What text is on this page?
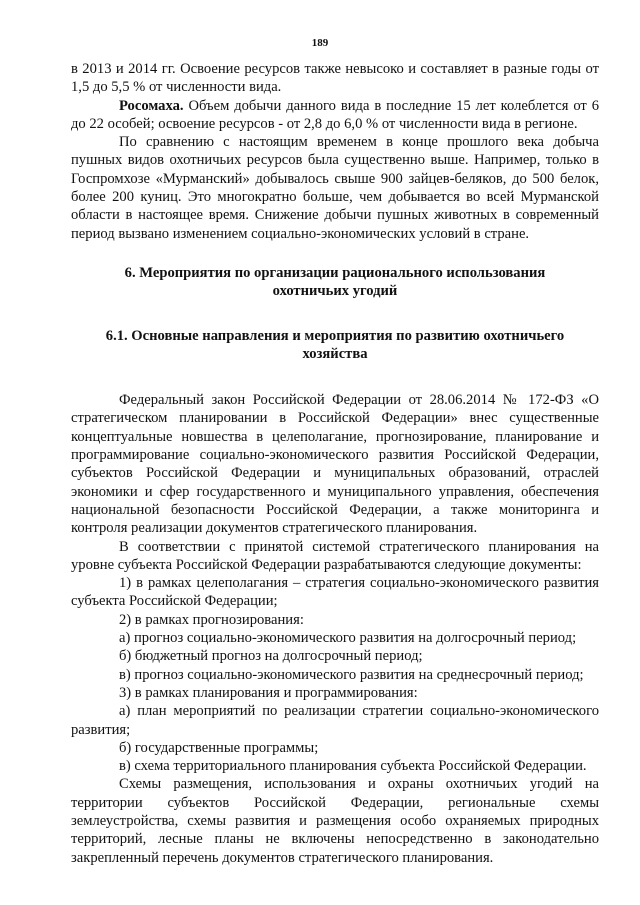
189

в 2013 и 2014 гг. Освоение ресурсов также невысоко и составляет в разные годы от 1,5 до 5,5 % от численности вида.

Росомаха. Объем добычи данного вида в последние 15 лет колеблется от 6 до 22 особей; освоение ресурсов - от 2,8 до 6,0 % от численности вида в регионе.

По сравнению с настоящим временем в конце прошлого века добыча пушных видов охотничьих ресурсов была существенно выше. Например, только в Госпромхозе «Мурманский» добывалось свыше 900 зайцев-беляков, до 500 белок, более 200 куниц. Это многократно больше, чем добывается во всей Мурманской области в настоящее время. Снижение добычи пушных животных в современный период вызвано изменением социально-экономических условий в стране.

6. Мероприятия по организации рационального использования охотничьих угодий
6.1. Основные направления и мероприятия по развитию охотничьего хозяйства

Федеральный закон Российской Федерации от 28.06.2014 № 172-ФЗ «О стратегическом планировании в Российской Федерации» внес существенные концептуальные новшества в целеполагание, прогнозирование, планирование и программирование социально-экономического развития Российской Федерации, субъектов Российской Федерации и муниципальных образований, отраслей экономики и сфер государственного и муниципального управления, обеспечения национальной безопасности Российской Федерации, а также мониторинга и контроля реализации документов стратегического планирования.

В соответствии с принятой системой стратегического планирования на уровне субъекта Российской Федерации разрабатываются следующие документы:

1) в рамках целеполагания – стратегия социально-экономического развития субъекта Российской Федерации;

2) в рамках прогнозирования:

а) прогноз социально-экономического развития на долгосрочный период;

б) бюджетный прогноз на долгосрочный период;

в) прогноз социально-экономического развития на среднесрочный период;

3) в рамках планирования и программирования:

а) план мероприятий по реализации стратегии социально-экономического развития;

б) государственные программы;

в) схема территориального планирования субъекта Российской Федерации.

Схемы размещения, использования и охраны охотничьих угодий на территории субъектов Российской Федерации, региональные схемы землеустройства, схемы развития и размещения особо охраняемых природных территорий, лесные планы не включены непосредственно в законодательно закрепленный перечень документов стратегического планирования.
